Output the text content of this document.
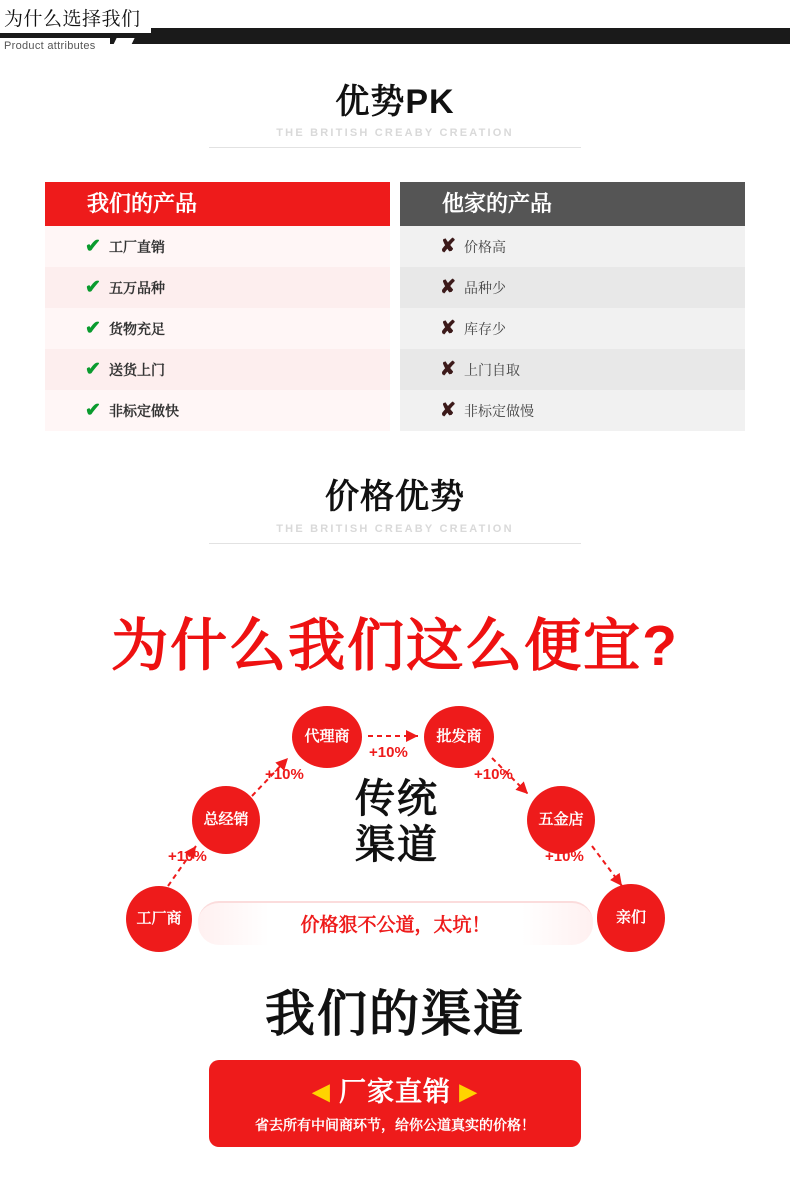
为什么选择我们
Product attributes
优势PK
THE BRITISH CREABY CREATION
我们的产品
✔ 工厂直销
✔ 五万品种
✔ 货物充足
✔ 送货上门
✔ 非标定做快
他家的产品
✘ 价格高
✘ 品种少
✘ 库存少
✘ 上门自取
✘ 非标定做慢
价格优势
THE BRITISH CREABY CREATION
为什么我们这么便宜?
工厂商
总经销
代理商	批发商
五金店
亲们
+10%
+10%
+10%
+10%
+10%
传统
渠道
价格狠不公道，太坑！
我们的渠道
◀ 厂家直销 ▶
省去所有中间商环节，给你公道真实的价格！
